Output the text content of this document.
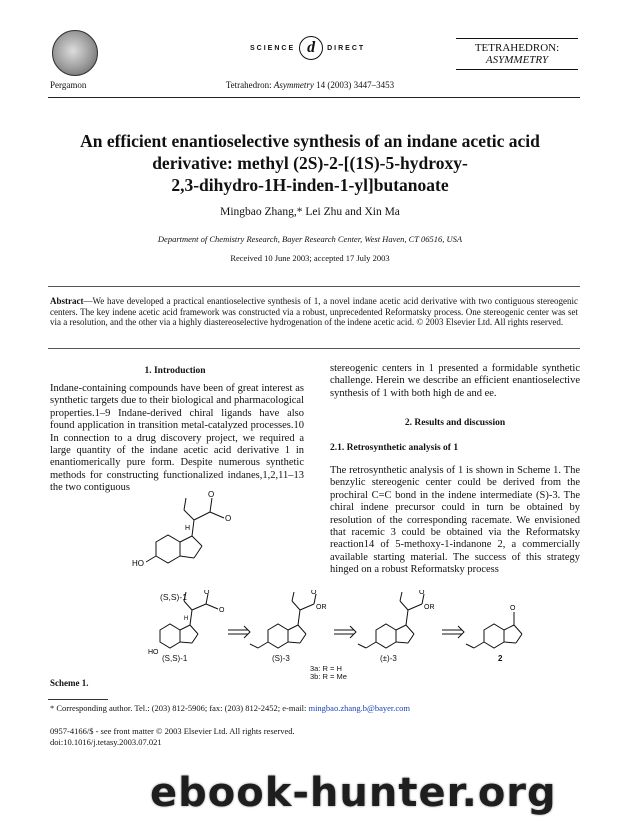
Pergamon
SCIENCE d	DIRECT
Tetrahedron: Asymmetry 14 (2003) 3447–3453
TETRAHEDRON:
ASYMMETRY
An efficient enantioselective synthesis of an indane acetic acid
derivative: methyl (2S)-2-[(1S)-5-hydroxy-
2,3-dihydro-1H-inden-1-yl]butanoate
Mingbao Zhang,* Lei Zhu and Xin Ma
Department of Chemistry Research, Bayer Research Center, West Haven, CT 06516, USA
Received 10 June 2003; accepted 17 July 2003
Abstract—We have developed a practical enantioselective synthesis of 1, a novel indane acetic acid derivative with two contiguous stereogenic centers. The key indene acetic acid framework was constructed via a robust, unprecedented Reformatsky process. One stereogenic center was set via a resolution, and the other via a highly diastereoselective hydrogenation of the indene acetic acid. © 2003 Elsevier Ltd. All rights reserved.
1. Introduction
Indane-containing compounds have been of great interest as synthetic targets due to their biological and pharmacological properties.1–9 Indane-derived chiral ligands have also found application in transition metal-catalyzed processes.10 In connection to a drug discovery project, we required a large quantity of the indane acetic acid derivative 1 in enantiomerically pure form. Despite numerous synthetic methods for constructing functionalized indanes,1,2,11–13 the two contiguous
O
O
H
HO
(S,S)-1
stereogenic centers in 1 presented a formidable synthetic challenge. Herein we describe an efficient enantioselective synthesis of 1 with both high de and ee.
2. Results and discussion
2.1. Retrosynthetic analysis of 1
The retrosynthetic analysis of 1 is shown in Scheme 1. The benzylic stereogenic center could be derived from the prochiral C=C bond in the indene intermediate (S)-3. The chiral indene precursor could in turn be obtained by resolution of the corresponding racemate. We envisioned that racemic 3 could be obtained via the Reformatsky reaction14 of 5-methoxy-1-indanone 2, a commercially available starting material. The success of this strategy hinged on a robust Reformatsky process
O
O
H
HO
O
OR
O
OR	O
(S,S)-1	(S)-3	(±)-3	2
3a: R = H
3b: R = Me
Scheme 1.
* Corresponding author. Tel.: (203) 812-5906; fax: (203) 812-2452; e-mail: mingbao.zhang.b@bayer.com
0957-4166/$ - see front matter © 2003 Elsevier Ltd. All rights reserved.
doi:10.1016/j.tetasy.2003.07.021
ebook-hunter.org
